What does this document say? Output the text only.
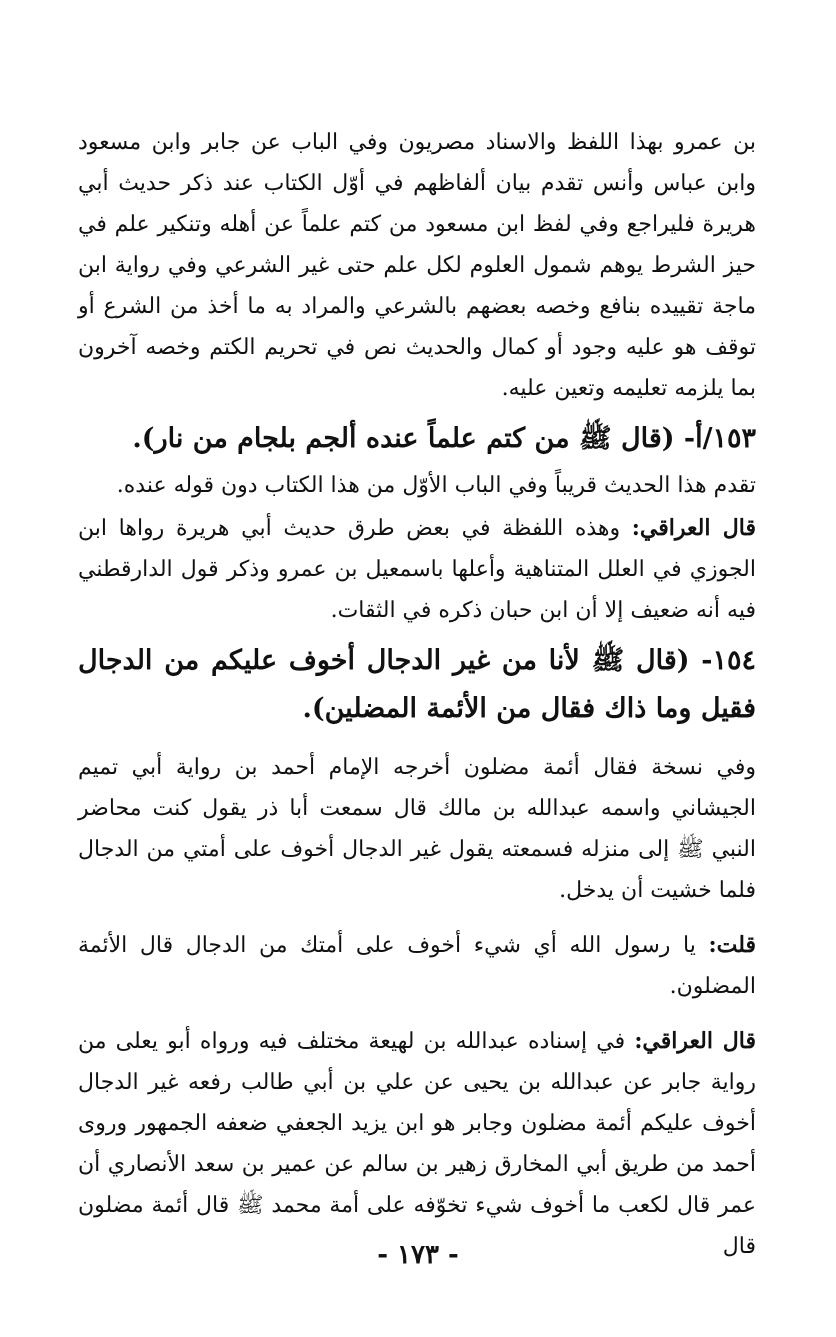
بن عمرو بهذا اللفظ والاسناد مصريون وفي الباب عن جابر وابن مسعود وابن عباس وأنس تقدم بيان ألفاظهم في أوّل الكتاب عند ذكر حديث أبي هريرة فليراجع وفي لفظ ابن مسعود من كتم علماً عن أهله وتنكير علم في حيز الشرط يوهم شمول العلوم لكل علم حتى غير الشرعي وفي رواية ابن ماجة تقييده بنافع وخصه بعضهم بالشرعي والمراد به ما أخذ من الشرع أو توقف هو عليه وجود أو كمال والحديث نص في تحريم الكتم وخصه آخرون بما يلزمه تعليمه وتعين عليه.

١٥٣/أ- (قال ﷺ من كتم علماً عنده ألجم بلجام من نار).

تقدم هذا الحديث قريباً وفي الباب الأوّل من هذا الكتاب دون قوله عنده.

قال العراقي: وهذه اللفظة في بعض طرق حديث أبي هريرة رواها ابن الجوزي في العلل المتناهية وأعلها باسمعيل بن عمرو وذكر قول الدارقطني فيه أنه ضعيف إلا أن ابن حبان ذكره في الثقات.

١٥٤- (قال ﷺ لأنا من غير الدجال أخوف عليكم من الدجال فقيل وما ذاك فقال من الأئمة المضلين).

وفي نسخة فقال أئمة مضلون أخرجه الإمام أحمد بن رواية أبي تميم الجيشاني واسمه عبدالله بن مالك قال سمعت أبا ذر يقول كنت محاضر النبي ﷺ إلى منزله فسمعته يقول غير الدجال أخوف على أمتي من الدجال فلما خشيت أن يدخل.

قلت: يا رسول الله أي شيء أخوف على أمتك من الدجال قال الأئمة المضلون.

قال العراقي: في إسناده عبدالله بن لهيعة مختلف فيه ورواه أبو يعلى من رواية جابر عن عبدالله بن يحيى عن علي بن أبي طالب رفعه غير الدجال أخوف عليكم أئمة مضلون وجابر هو ابن يزيد الجعفي ضعفه الجمهور وروى أحمد من طريق أبي المخارق زهير بن سالم عن عمير بن سعد الأنصاري أن عمر قال لكعب ما أخوف شيء تخوّفه على أمة محمد ﷺ قال أئمة مضلون قال

- ١٧٣ -
